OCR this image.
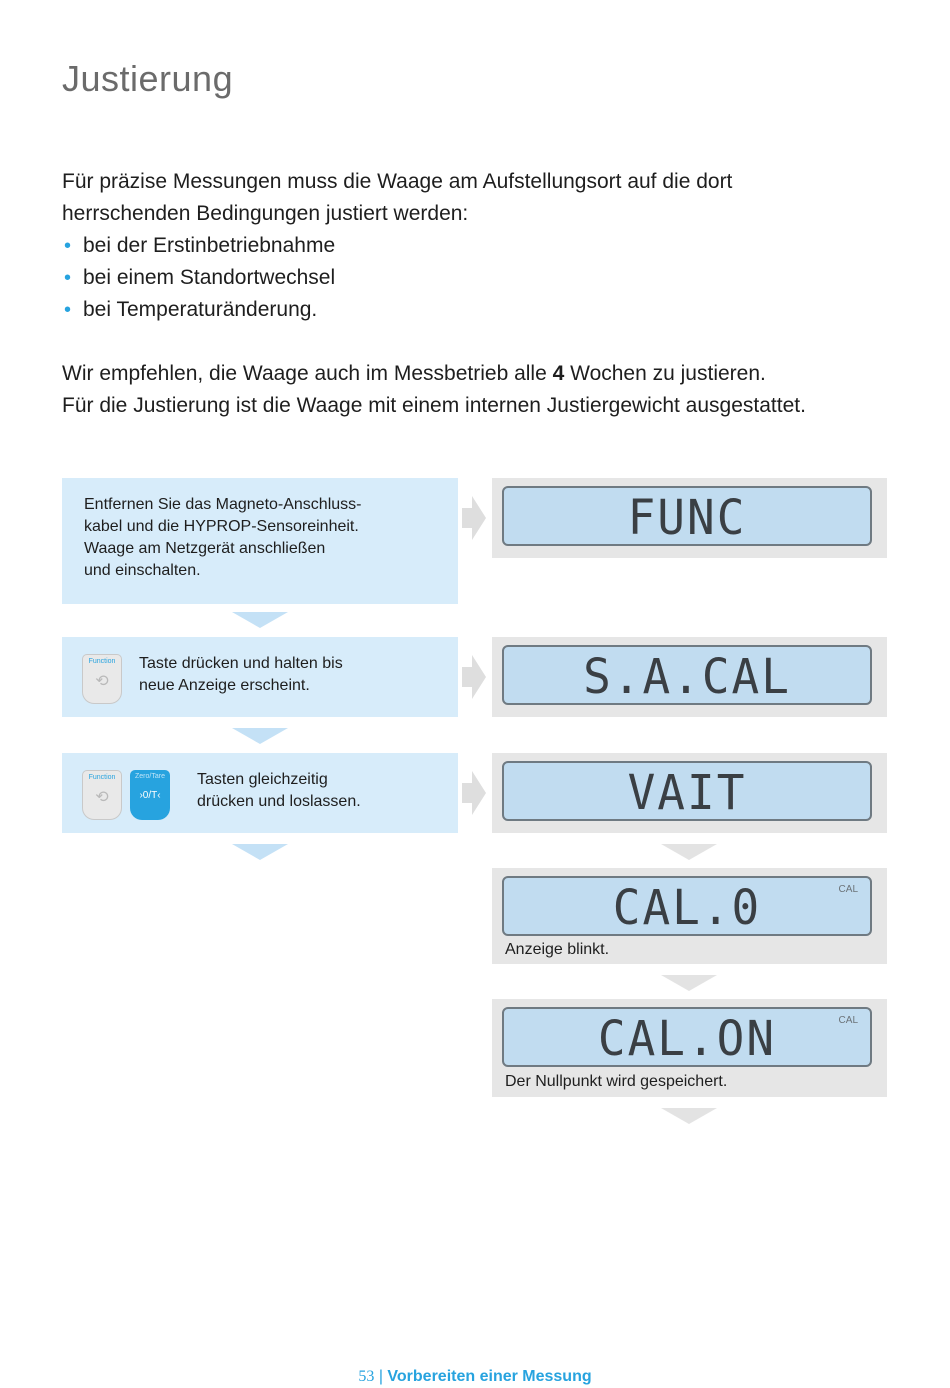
Justierung

Für präzise Messungen muss die Waage am Aufstellungsort auf die dort

herrschenden Bedingungen justiert werden:

• bei der Erstinbetriebnahme
• bei einem Standortwechsel
• bei Temperaturänderung.

Wir empfehlen, die Waage auch im Messbetrieb alle 4 Wochen zu justieren.

Für die Justierung ist die Waage mit einem internen Justiergewicht ausgestattet.

Entfernen Sie das Magneto-Anschluss-
kabel und die HYPROP-Sensoreinheit.
Waage am Netzgerät anschließen
und einschalten.
FUNC
Function
⟲
Taste drücken und halten bis
neue Anzeige erscheint.	S.A.CAL
Function
⟲
Zero/Tare
›0/T‹
Tasten gleichzeitig
drücken und loslassen.	VAIT
CAL.0	CAL
Anzeige blinkt.
CAL.ON	CAL
Der Nullpunkt wird gespeichert.
53 | Vorbereiten einer Messung
